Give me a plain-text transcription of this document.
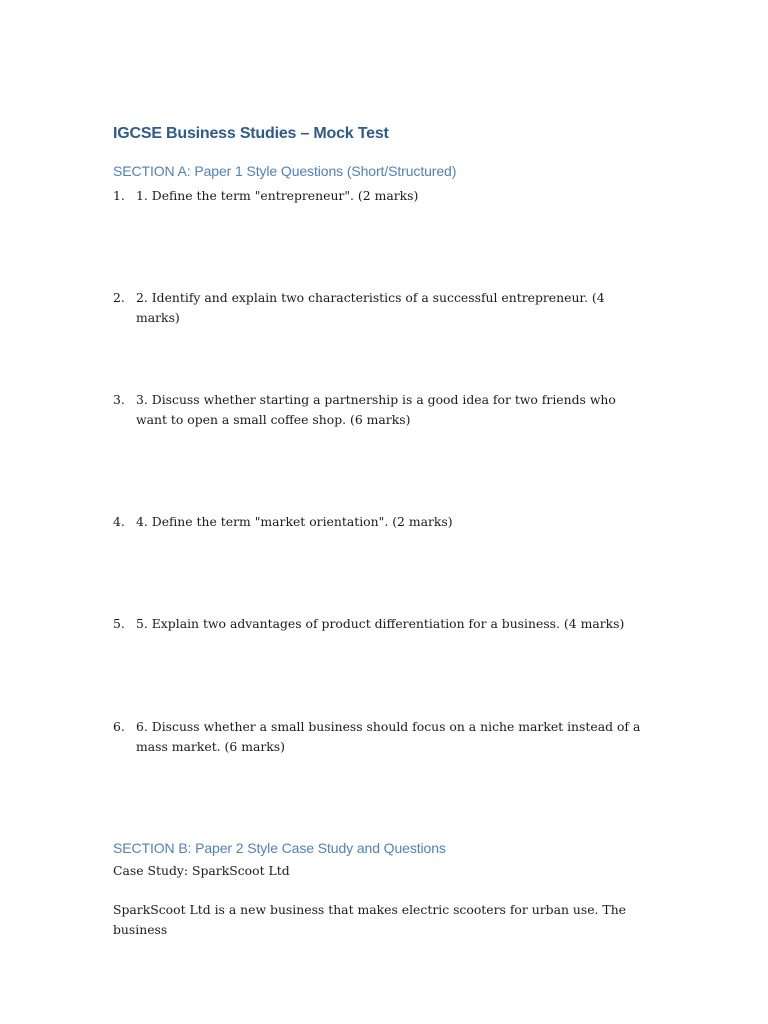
IGCSE Business Studies – Mock Test
SECTION A: Paper 1 Style Questions (Short/Structured)
1. 1. Define the term "entrepreneur". (2 marks)
2. 2. Identify and explain two characteristics of a successful entrepreneur. (4 marks)
3. 3. Discuss whether starting a partnership is a good idea for two friends who want to open a small coffee shop. (6 marks)
4. 4. Define the term "market orientation". (2 marks)
5. 5. Explain two advantages of product differentiation for a business. (4 marks)
6. 6. Discuss whether a small business should focus on a niche market instead of a mass market. (6 marks)
SECTION B: Paper 2 Style Case Study and Questions

Case Study: SparkScoot Ltd

SparkScoot Ltd is a new business that makes electric scooters for urban use. The business
